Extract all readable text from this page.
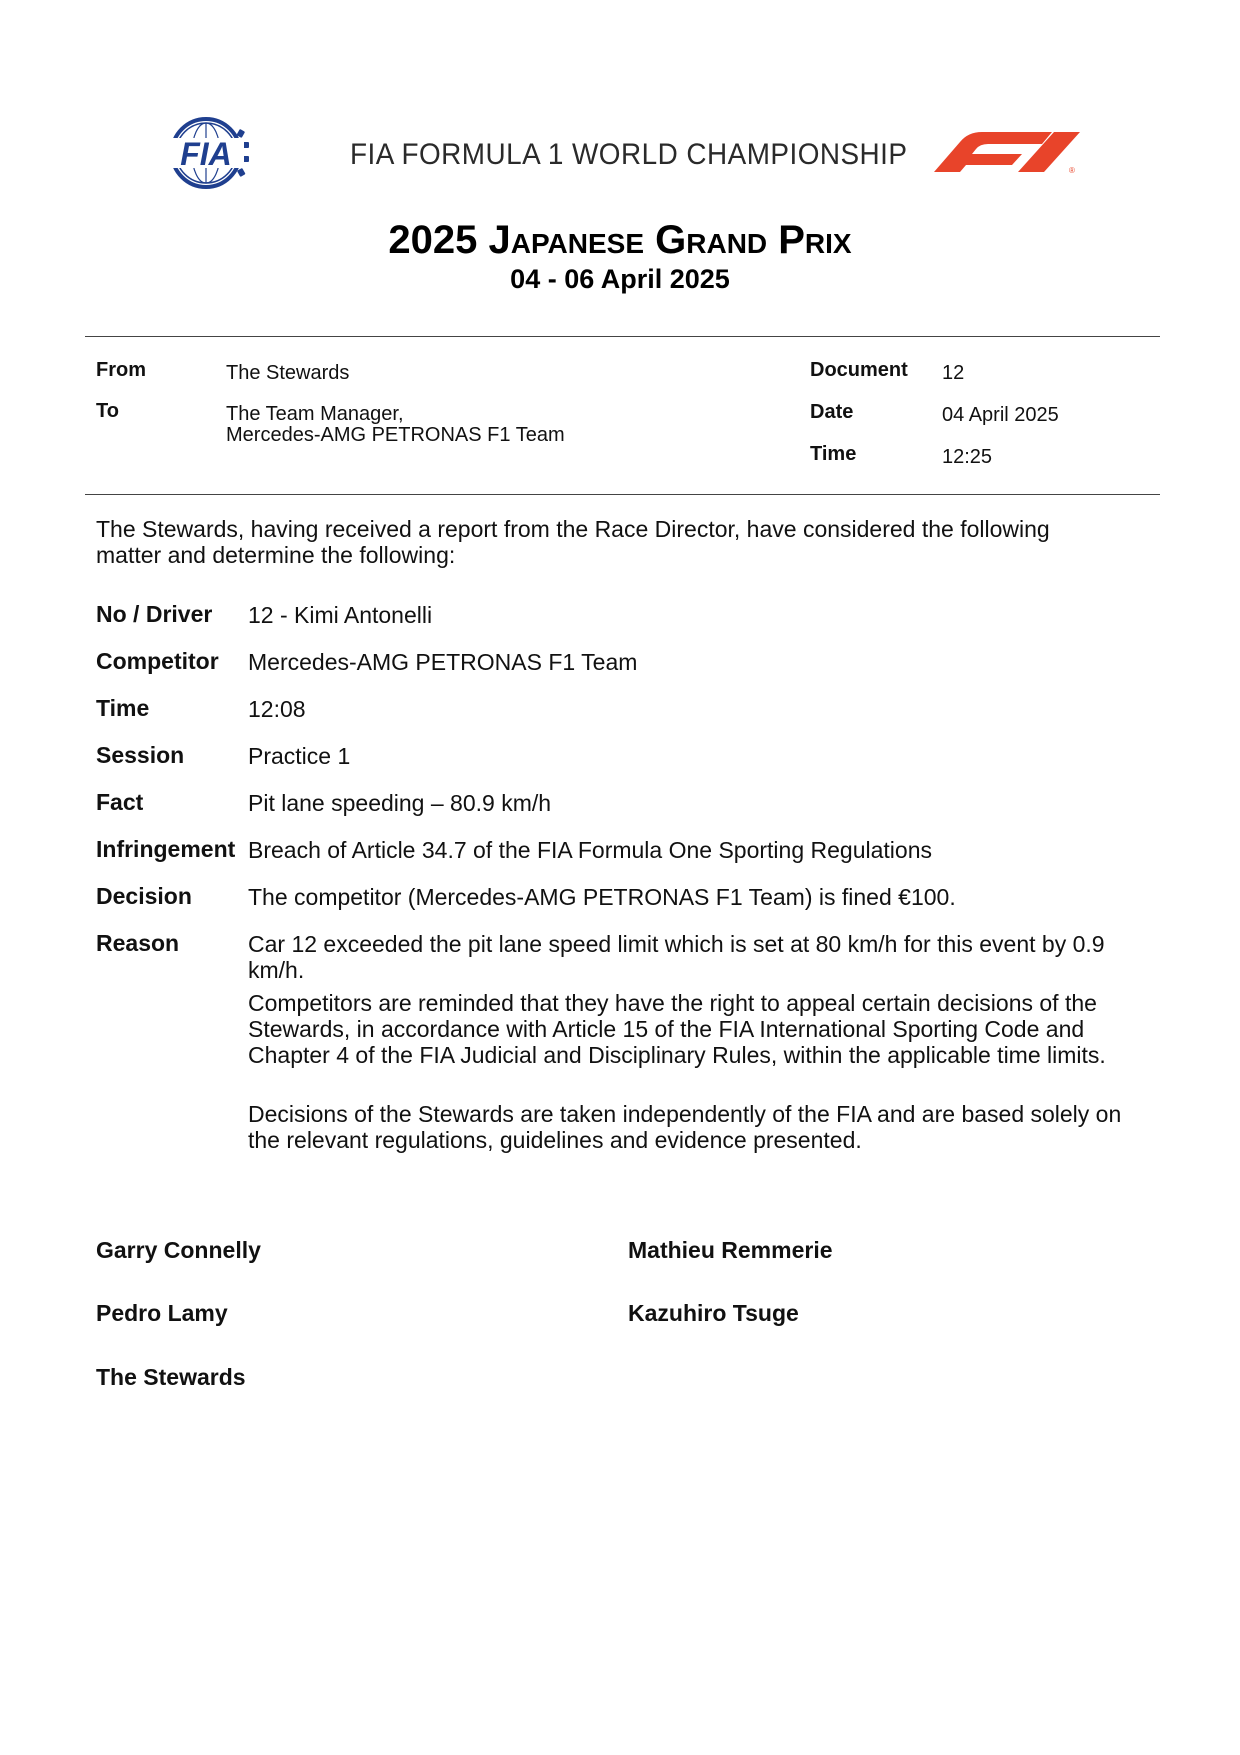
FIA	FIA FORMULA 1 WORLD CHAMPIONSHIP	®
2025 Japanese Grand Prix
04 - 06 April 2025
From	The Stewards
To	The Team Manager,
Mercedes-AMG PETRONAS F1 Team
Document 12
Date	04 April 2025
Time	12:25
The Stewards, having received a report from the Race Director, have considered the following matter and determine the following:
No / Driver 12 - Kimi Antonelli
Competitor Mercedes-AMG PETRONAS F1 Team
Time	12:08
Session	Practice 1
Fact	Pit lane speeding – 80.9 km/h
Infringement Breach of Article 34.7 of the FIA Formula One Sporting Regulations
Decision The competitor (Mercedes-AMG PETRONAS F1 Team) is fined €100.
Reason	Car 12 exceeded the pit lane speed limit which is set at 80 km/h for this event by 0.9 km/h.
Competitors are reminded that they have the right to appeal certain decisions of the Stewards, in accordance with Article 15 of the FIA International Sporting Code and Chapter 4 of the FIA Judicial and Disciplinary Rules, within the applicable time limits.
Decisions of the Stewards are taken independently of the FIA and are based solely on the relevant regulations, guidelines and evidence presented.
Garry Connelly	Mathieu Remmerie
Pedro Lamy	Kazuhiro Tsuge
The Stewards
